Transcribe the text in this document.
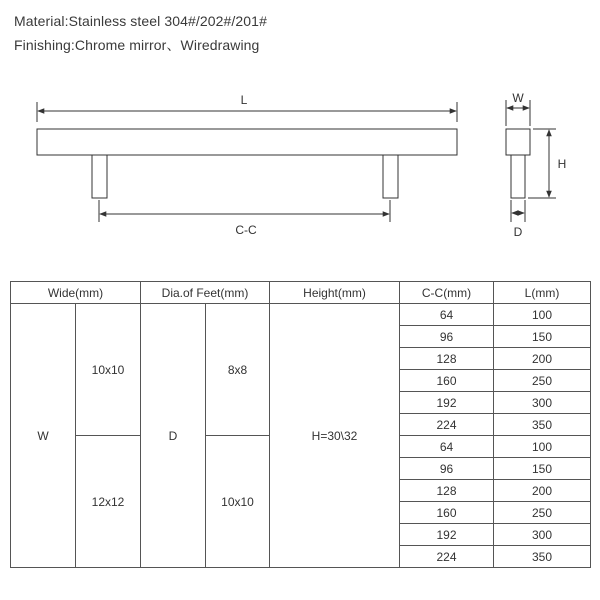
Material:Stainless steel 304#/202#/201#
Finishing:Chrome mirror、Wiredrawing
L
C-C
W
H
D
Wide(mm)		Dia.of Feet(mm)		Height(mm)	C-C(mm)	L(mm)
W	10x10	D	8x8	H=30\32	64	100
					96	150
					128	200
					160	250
					192	300
					224	350
	12x12		10x10		64	100
					96	150
					128	200
					160	250
					192	300
					224	350
